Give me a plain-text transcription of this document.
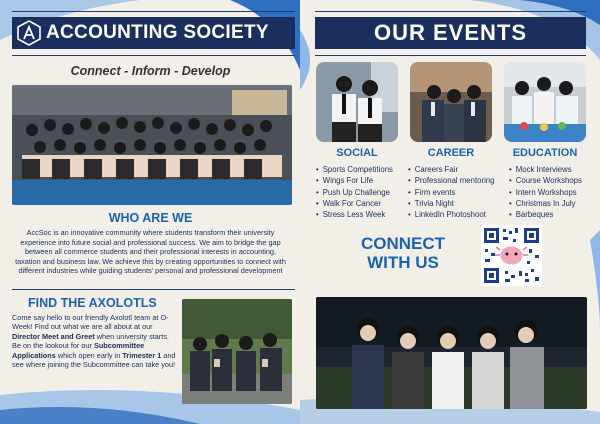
ACCOUNTING SOCIETY
Connect - Inform - Develop
WHO ARE WE
AccSoc is an innovative community where students transform their university experience into future social and professional success. We aim to bridge the gap between all commerce students and their professional interests in accounting, taxation and business law. We achieve this by creating opportunities to connect with different industries while guiding students' personal and professional development
FIND THE AXOLOTLS
Come say hello to our friendly Axolotl team at O-Week! Find out what we are all about at our Director Meet and Greet when university starts.
Be on the lookout for our Subcommittee Applications which open early in Trimester 1 and see where joining the Subcommittee can take you!
OUR EVENTS
SOCIAL
• Sports Competitions
• Wings For Life
• Push Up Challenge
• Walk For Cancer
• Stress Less Week
CAREER
• Careers Fair
• Professional mentoring
• Firm events
• Trivia Night
• LinkedIn Photoshoot
EDUCATION
• Mock Interviews
• Course Workshops
• Intern Workshops
• Christmas In July
• Barbeques
CONNECT
WITH US
